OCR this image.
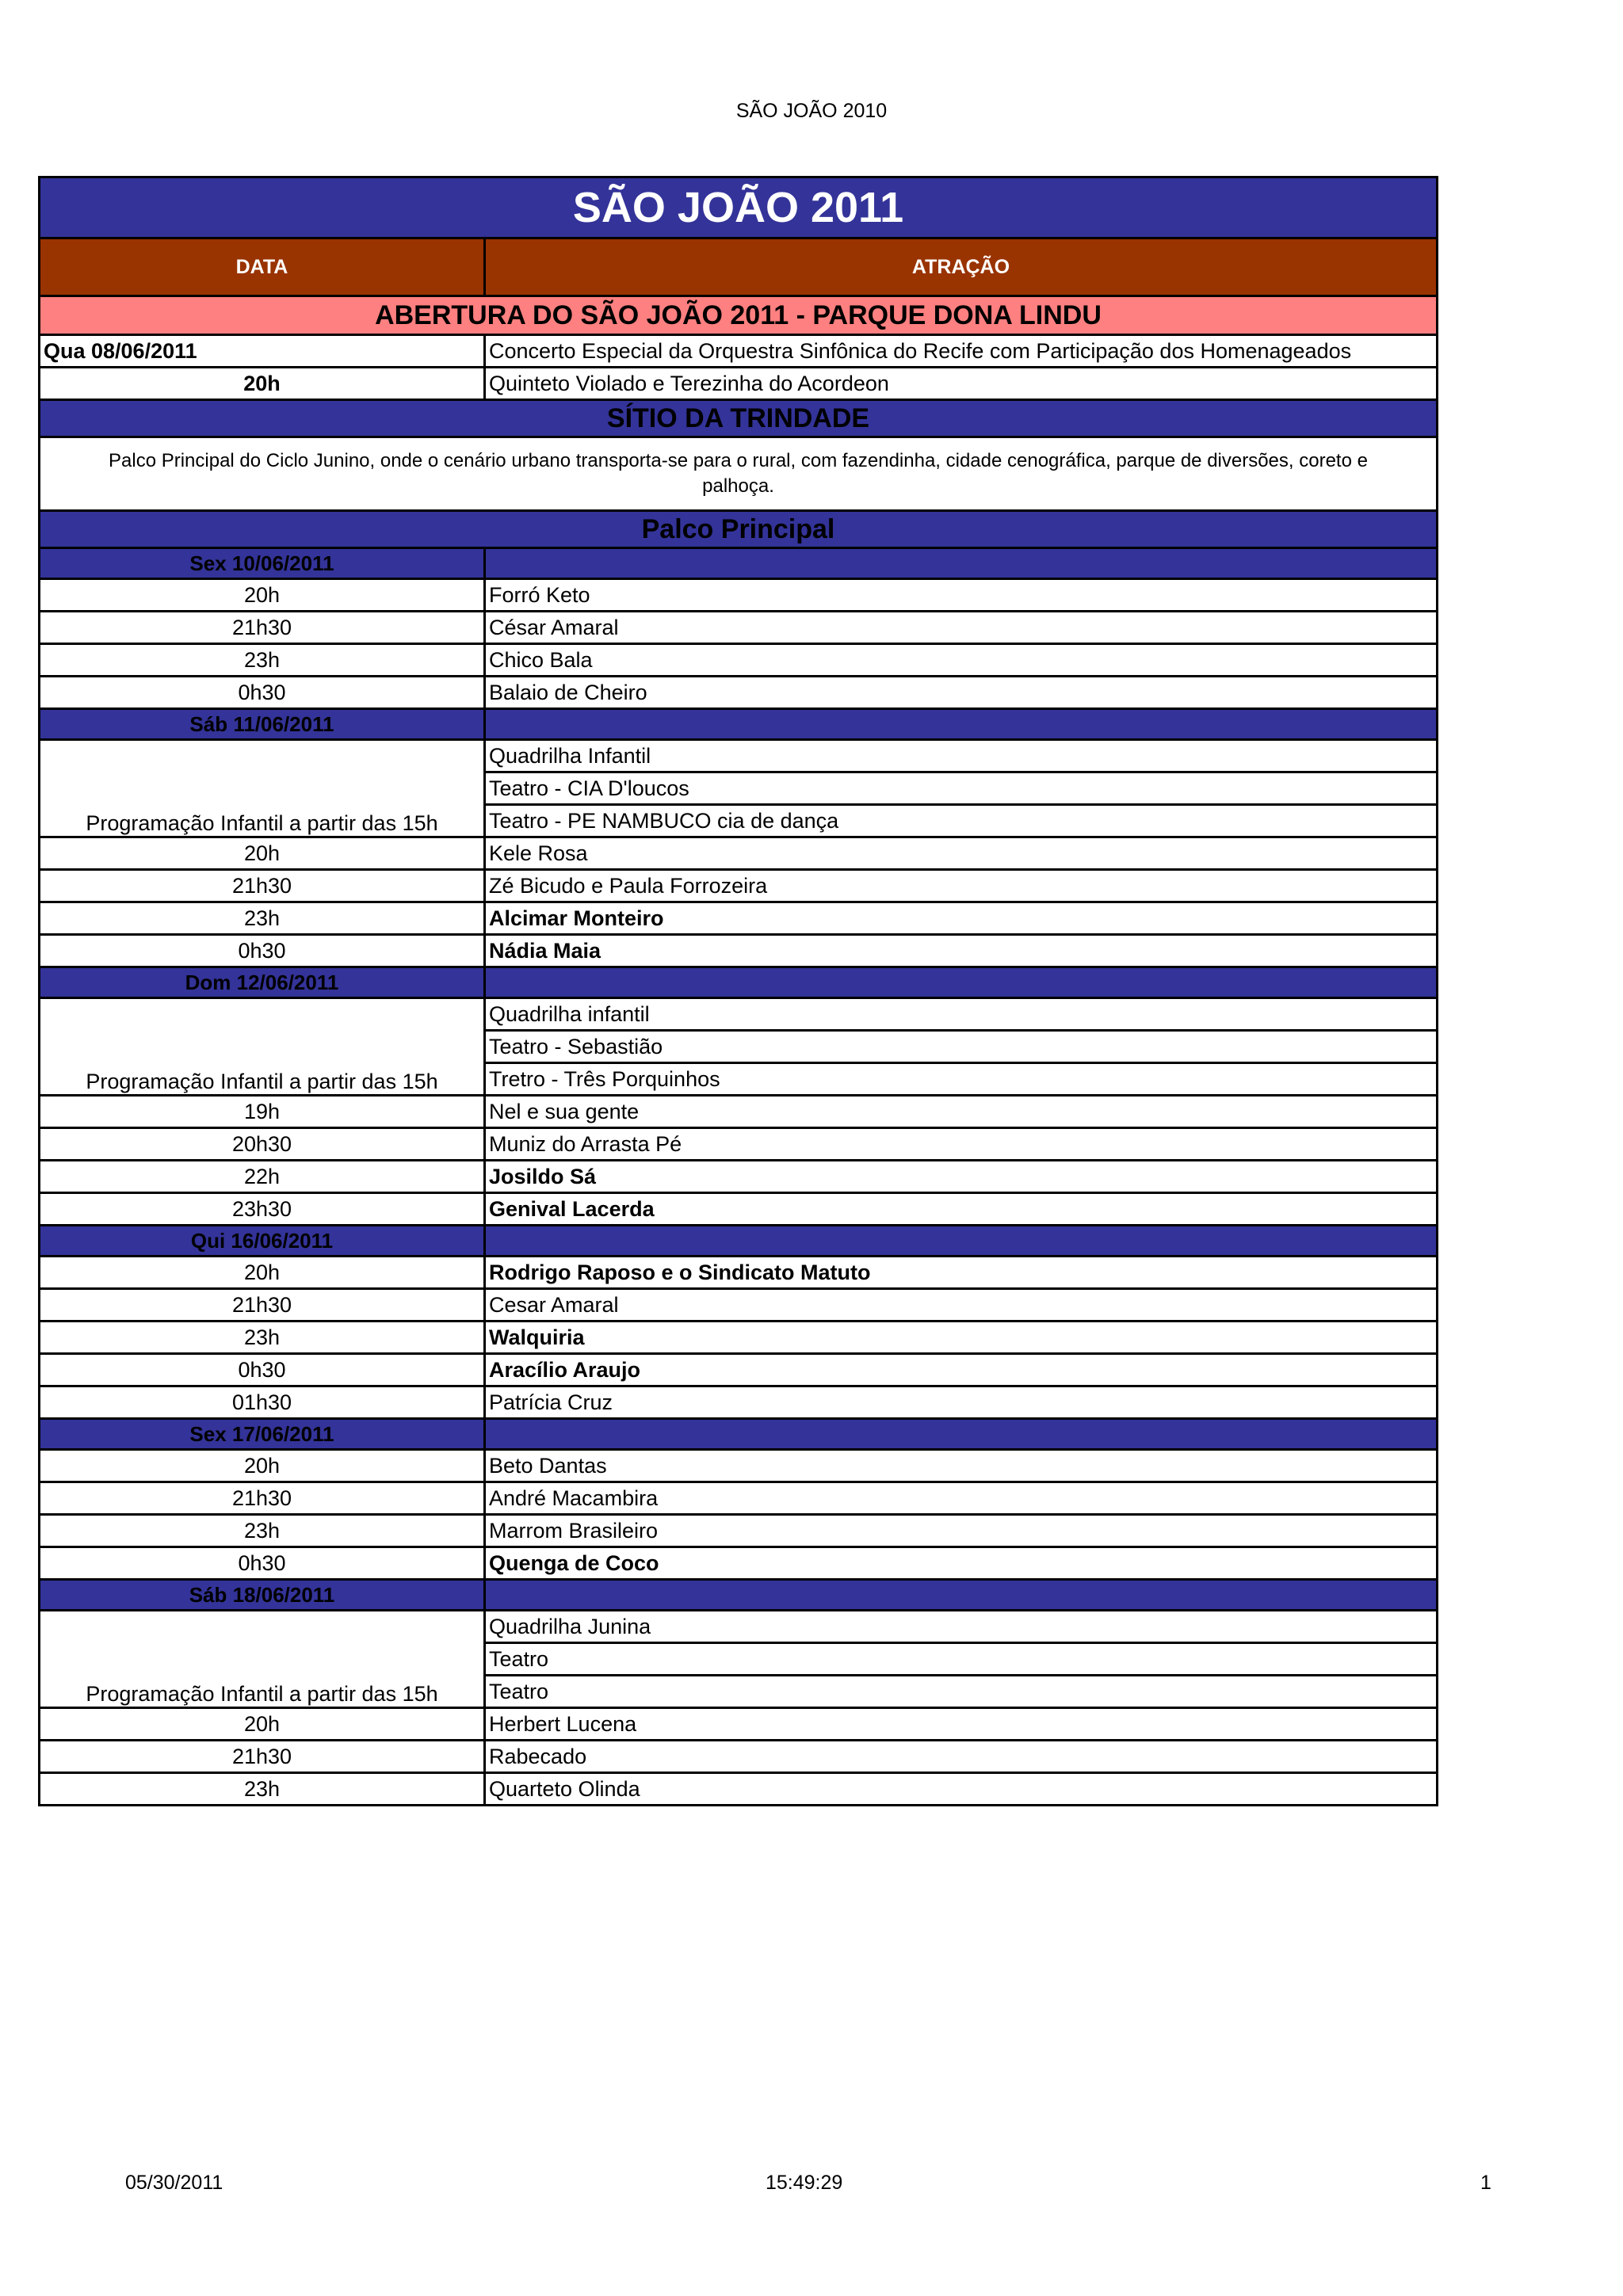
SÃO JOÃO 2010
SÃO JOÃO 2011	
DATA	ATRAÇÃO
ABERTURA DO SÃO JOÃO 2011 - PARQUE DONA LINDU	
Qua 08/06/2011	Concerto Especial da Orquestra Sinfônica do Recife com Participação dos Homenageados
20h	Quinteto Violado e Terezinha do Acordeon
SÍTIO DA TRINDADE	
Palco Principal do Ciclo Junino, onde o cenário urbano transporta-se para o rural, com fazendinha, cidade cenográfica, parque de diversões, coreto e palhoça.	
Palco Principal	
Sex 10/06/2011	
20h	Forró Keto
21h30	César Amaral
23h	Chico Bala
0h30	Balaio de Cheiro
Sáb 11/06/2011	
Programação Infantil a partir das 15h	Quadrilha Infantil
	Teatro - CIA D'loucos
	Teatro - PE NAMBUCO cia de dança
20h	Kele Rosa
21h30	Zé Bicudo e Paula Forrozeira
23h	Alcimar Monteiro
0h30	Nádia Maia
Dom 12/06/2011	
Programação Infantil a partir das 15h	Quadrilha infantil
	Teatro - Sebastião
	Tretro - Três Porquinhos
19h	Nel e sua gente
20h30	Muniz do Arrasta Pé
22h	Josildo Sá
23h30	Genival Lacerda
Qui 16/06/2011	
20h	Rodrigo Raposo e o Sindicato Matuto
21h30	Cesar Amaral
23h	Walquiria
0h30	Aracílio Araujo
01h30	Patrícia Cruz
Sex 17/06/2011	
20h	Beto Dantas
21h30	André Macambira
23h	Marrom Brasileiro
0h30	Quenga de Coco
Sáb 18/06/2011	
Programação Infantil a partir das 15h	Quadrilha Junina
	Teatro
	Teatro
20h	Herbert Lucena
21h30	Rabecado
23h	Quarteto Olinda
05/30/2011	15:49:29	1
